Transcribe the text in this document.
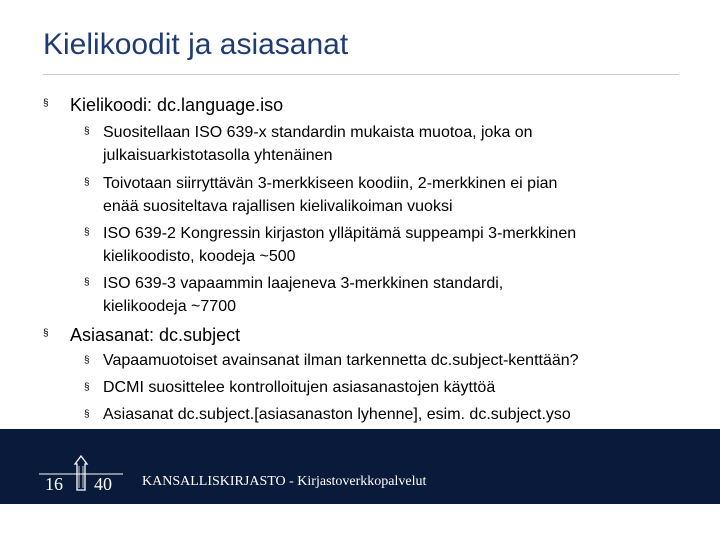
Kielikoodit ja asiasanat
§ Kielikoodi: dc.language.iso
§ Suositellaan ISO 639-x standardin mukaista muotoa, joka on
julkaisuarkistotasolla yhtenäinen
§ Toivotaan siirryttävän 3-merkkiseen koodiin, 2-merkkinen ei pian
enää suositeltava rajallisen kielivalikoiman vuoksi
§ ISO 639-2 Kongressin kirjaston ylläpitämä suppeampi 3-merkkinen
kielikoodisto, koodeja ~500
§ ISO 639-3 vapaammin laajeneva 3-merkkinen standardi,
kielikoodeja ~7700
§ Asiasanat: dc.subject
§ Vapaamuotoiset avainsanat ilman tarkennetta dc.subject-kenttään?
§ DCMI suosittelee kontrolloitujen asiasanastojen käyttöä
§ Asiasanat dc.subject.[asiasanaston lyhenne], esim. dc.subject.yso
16 40 KANSALLISKIRJASTO - Kirjastoverkkopalvelut
